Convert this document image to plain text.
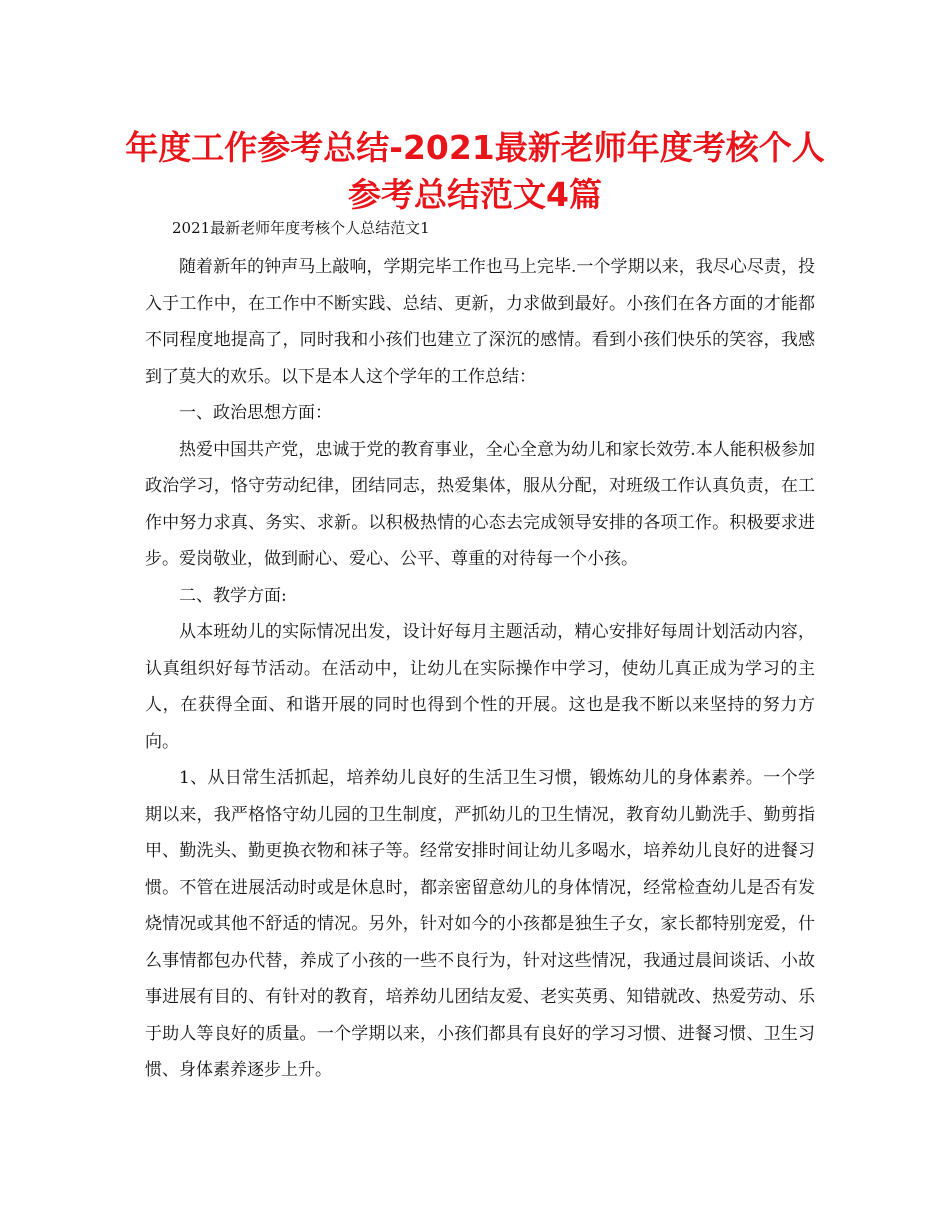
年度工作参考总结-2021最新老师年度考核个人
参考总结范文4篇

2021最新老师年度考核个人总结范文1

随着新年的钟声马上敲响，学期完毕工作也马上完毕.一个学期以来，我尽心尽责，投入于工作中，在工作中不断实践、总结、更新，力求做到最好。小孩们在各方面的才能都不同程度地提高了，同时我和小孩们也建立了深沉的感情。看到小孩们快乐的笑容，我感到了莫大的欢乐。以下是本人这个学年的工作总结：

一、政治思想方面：

热爱中国共产党，忠诚于党的教育事业，全心全意为幼儿和家长效劳.本人能积极参加政治学习，恪守劳动纪律，团结同志，热爱集体，服从分配，对班级工作认真负责，在工作中努力求真、务实、求新。以积极热情的心态去完成领导安排的各项工作。积极要求进步。爱岗敬业，做到耐心、爱心、公平、尊重的对待每一个小孩。

二、教学方面:

从本班幼儿的实际情况出发，设计好每月主题活动，精心安排好每周计划活动内容，认真组织好每节活动。在活动中，让幼儿在实际操作中学习，使幼儿真正成为学习的主人，在获得全面、和谐开展的同时也得到个性的开展。这也是我不断以来坚持的努力方向。

1、从日常生活抓起，培养幼儿良好的生活卫生习惯，锻炼幼儿的身体素养。一个学期以来，我严格恪守幼儿园的卫生制度，严抓幼儿的卫生情况，教育幼儿勤洗手、勤剪指甲、勤洗头、勤更换衣物和袜子等。经常安排时间让幼儿多喝水，培养幼儿良好的进餐习惯。不管在进展活动时或是休息时，都亲密留意幼儿的身体情况，经常检查幼儿是否有发烧情况或其他不舒适的情况。另外，针对如今的小孩都是独生子女，家长都特别宠爱，什么事情都包办代替，养成了小孩的一些不良行为，针对这些情况，我通过晨间谈话、小故事进展有目的、有针对的教育，培养幼儿团结友爱、老实英勇、知错就改、热爱劳动、乐于助人等良好的质量。一个学期以来，小孩们都具有良好的学习习惯、进餐习惯、卫生习惯、身体素养逐步上升。
